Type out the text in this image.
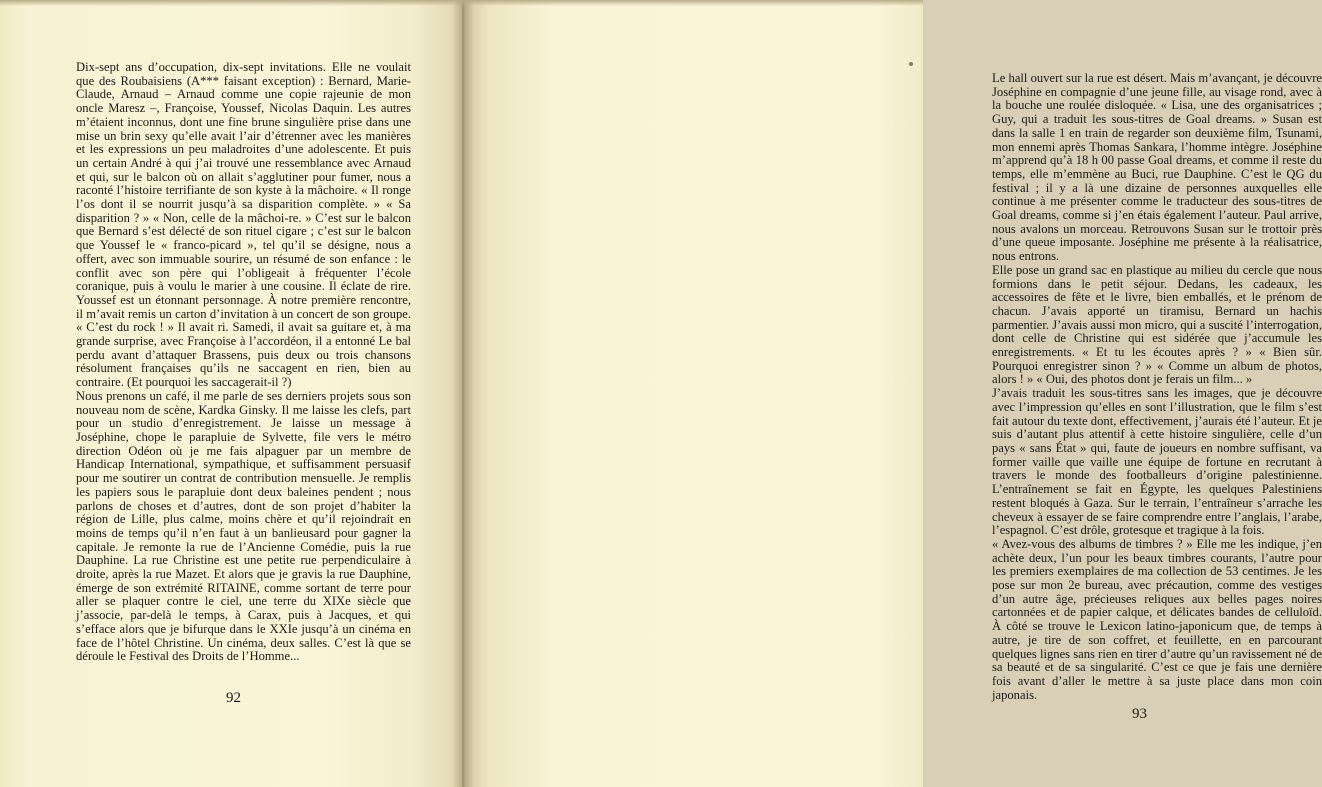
Dix-sept ans d’occupation, dix-sept invitations. Elle ne voulait que des Roubaisiens (A*** faisant exception) : Bernard, Marie-Claude, Arnaud – Arnaud comme une copie rajeunie de mon oncle Maresz –, Françoise, Youssef, Nicolas Daquin. Les autres m’étaient inconnus, dont une fine brune singulière prise dans une mise un brin sexy qu’elle avait l’air d’étrenner avec les manières et les expressions un peu maladroites d’une adolescente. Et puis un certain André à qui j’ai trouvé une ressemblance avec Arnaud et qui, sur le balcon où on allait s’agglutiner pour fumer, nous a raconté l’histoire terrifiante de son kyste à la mâchoire. « Il ronge l’os dont il se nourrit jusqu’à sa disparition complète. » « Sa disparition ? » « Non, celle de la mâchoi-re. » C’est sur le balcon que Bernard s’est délecté de son rituel cigare ; c’est sur le balcon que Youssef le « franco-picard », tel qu’il se désigne, nous a offert, avec son immuable sourire, un résumé de son enfance : le conflit avec son père qui l’obligeait à fréquenter l’école coranique, puis à voulu le marier à une cousine. Il éclate de rire. Youssef est un étonnant personnage. À notre première rencontre, il m’avait remis un carton d’invitation à un concert de son groupe. « C’est du rock ! » Il avait ri. Samedi, il avait sa guitare et, à ma grande surprise, avec Françoise à l’accordéon, il a entonné Le bal perdu avant d’attaquer Brassens, puis deux ou trois chansons résolument françaises qu’ils ne saccagent en rien, bien au contraire. (Et pourquoi les saccagerait-il ?)
Nous prenons un café, il me parle de ses derniers projets sous son nouveau nom de scène, Kardka Ginsky. Il me laisse les clefs, part pour un studio d’enregistrement. Je laisse un message à Joséphine, chope le parapluie de Sylvette, file vers le métro direction Odéon où je me fais alpaguer par un membre de Handicap International, sympathique, et suffisamment persuasif pour me soutirer un contrat de contribution mensuelle. Je remplis les papiers sous le parapluie dont deux baleines pendent ; nous parlons de choses et d’autres, dont de son projet d’habiter la région de Lille, plus calme, moins chère et qu’il rejoindrait en moins de temps qu’il n’en faut à un banlieusard pour gagner la capitale. Je remonte la rue de l’Ancienne Comédie, puis la rue Dauphine. La rue Christine est une petite rue perpendiculaire à droite, après la rue Mazet. Et alors que je gravis la rue Dauphine, émerge de son extrémité RITAINE, comme sortant de terre pour aller se plaquer contre le ciel, une terre du XIXe siècle que j’associe, par-delà le temps, à Carax, puis à Jacques, et qui s’efface alors que je bifurque dans le XXIe jusqu’à un cinéma en face de l’hôtel Christine. Un cinéma, deux salles. C’est là que se déroule le Festival des Droits de l’Homme...

92

Le hall ouvert sur la rue est désert. Mais m’avançant, je découvre Joséphine en compagnie d’une jeune fille, au visage rond, avec à la bouche une roulée disloquée. « Lisa, une des organisatrices ; Guy, qui a traduit les sous-titres de Goal dreams. » Susan est dans la salle 1 en train de regarder son deuxième film, Tsunami, mon ennemi après Thomas Sankara, l’homme intègre. Joséphine m’apprend qu’à 18 h 00 passe Goal dreams, et comme il reste du temps, elle m’emmène au Buci, rue Dauphine. C’est le QG du festival ; il y a là une dizaine de personnes auxquelles elle continue à me présenter comme le traducteur des sous-titres de Goal dreams, comme si j’en étais également l’auteur. Paul arrive, nous avalons un morceau. Retrouvons Susan sur le trottoir près d’une queue imposante. Joséphine me présente à la réalisatrice, nous entrons.
Elle pose un grand sac en plastique au milieu du cercle que nous formions dans le petit séjour. Dedans, les cadeaux, les accessoires de fête et le livre, bien emballés, et le prénom de chacun. J’avais apporté un tiramisu, Bernard un hachis parmentier. J’avais aussi mon micro, qui a suscité l’interrogation, dont celle de Christine qui est sidérée que j’accumule les enregistrements. « Et tu les écoutes après ? » « Bien sûr. Pourquoi enregistrer sinon ? » « Comme un album de photos, alors ! » « Oui, des photos dont je ferais un film... »
J’avais traduit les sous-titres sans les images, que je découvre avec l’impression qu’elles en sont l’illustration, que le film s’est fait autour du texte dont, effectivement, j’aurais été l’auteur. Et je suis d’autant plus attentif à cette histoire singulière, celle d’un pays « sans État » qui, faute de joueurs en nombre suffisant, va former vaille que vaille une équipe de fortune en recrutant à travers le monde des footballeurs d’origine palestinienne. L’entraînement se fait en Égypte, les quelques Palestiniens restent bloqués à Gaza. Sur le terrain, l’entraîneur s’arrache les cheveux à essayer de se faire comprendre entre l’anglais, l’arabe, l’espagnol. C’est drôle, grotesque et tragique à la fois.
« Avez-vous des albums de timbres ? » Elle me les indique, j’en achète deux, l’un pour les beaux timbres courants, l’autre pour les premiers exemplaires de ma collection de 53 centimes. Je les pose sur mon 2e bureau, avec précaution, comme des vestiges d’un autre âge, précieuses reliques aux belles pages noires cartonnées et de papier calque, et délicates bandes de celluloïd. À côté se trouve le Lexicon latino-japonicum que, de temps à autre, je tire de son coffret, et feuillette, en en parcourant quelques lignes sans rien en tirer d’autre qu’un ravissement né de sa beauté et de sa singularité. C’est ce que je fais une dernière fois avant d’aller le mettre à sa juste place dans mon coin japonais.

93
